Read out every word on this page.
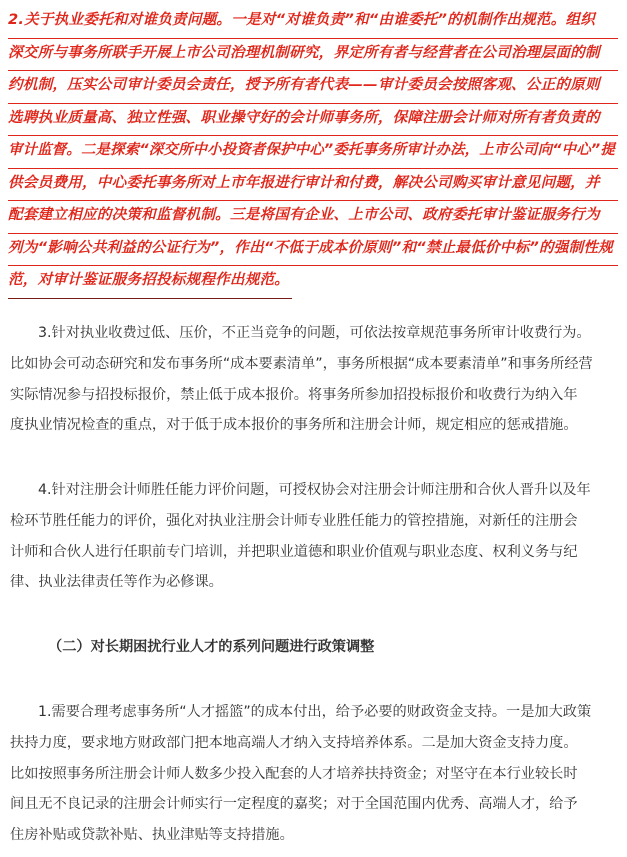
2.关于执业委托和对谁负责问题。一是对“对谁负责”和“由谁委托”的机制作出规范。组织
深交所与事务所联手开展上市公司治理机制研究，界定所有者与经营者在公司治理层面的制
约机制，压实公司审计委员会责任，授予所有者代表——审计委员会按照客观、公正的原则
选聘执业质量高、独立性强、职业操守好的会计师事务所，保障注册会计师对所有者负责的
审计监督。二是探索“深交所中小投资者保护中心”委托事务所审计办法，上市公司向“中心”提
供会员费用，中心委托事务所对上市年报进行审计和付费，解决公司购买审计意见问题，并
配套建立相应的决策和监督机制。三是将国有企业、上市公司、政府委托审计鉴证服务行为
列为“影响公共利益的公证行为”，作出“不低于成本价原则”和“禁止最低价中标”的强制性规
范，对审计鉴证服务招投标规程作出规范。
3.针对执业收费过低、压价，不正当竞争的问题，可依法按章规范事务所审计收费行为。
比如协会可动态研究和发布事务所“成本要素清单”，事务所根据“成本要素清单”和事务所经营
实际情况参与招投标报价，禁止低于成本报价。将事务所参加招投标报价和收费行为纳入年
度执业情况检查的重点，对于低于成本报价的事务所和注册会计师，规定相应的惩戒措施。
4.针对注册会计师胜任能力评价问题，可授权协会对注册会计师注册和合伙人晋升以及年
检环节胜任能力的评价，强化对执业注册会计师专业胜任能力的管控措施，对新任的注册会
计师和合伙人进行任职前专门培训，并把职业道德和职业价值观与职业态度、权利义务与纪
律、执业法律责任等作为必修课。
（二）对长期困扰行业人才的系列问题进行政策调整
1.需要合理考虑事务所“人才摇篮”的成本付出，给予必要的财政资金支持。一是加大政策
扶持力度，要求地方财政部门把本地高端人才纳入支持培养体系。二是加大资金支持力度。
比如按照事务所注册会计师人数多少投入配套的人才培养扶持资金；对坚守在本行业较长时
间且无不良记录的注册会计师实行一定程度的嘉奖；对于全国范围内优秀、高端人才，给予
住房补贴或贷款补贴、执业津贴等支持措施。
